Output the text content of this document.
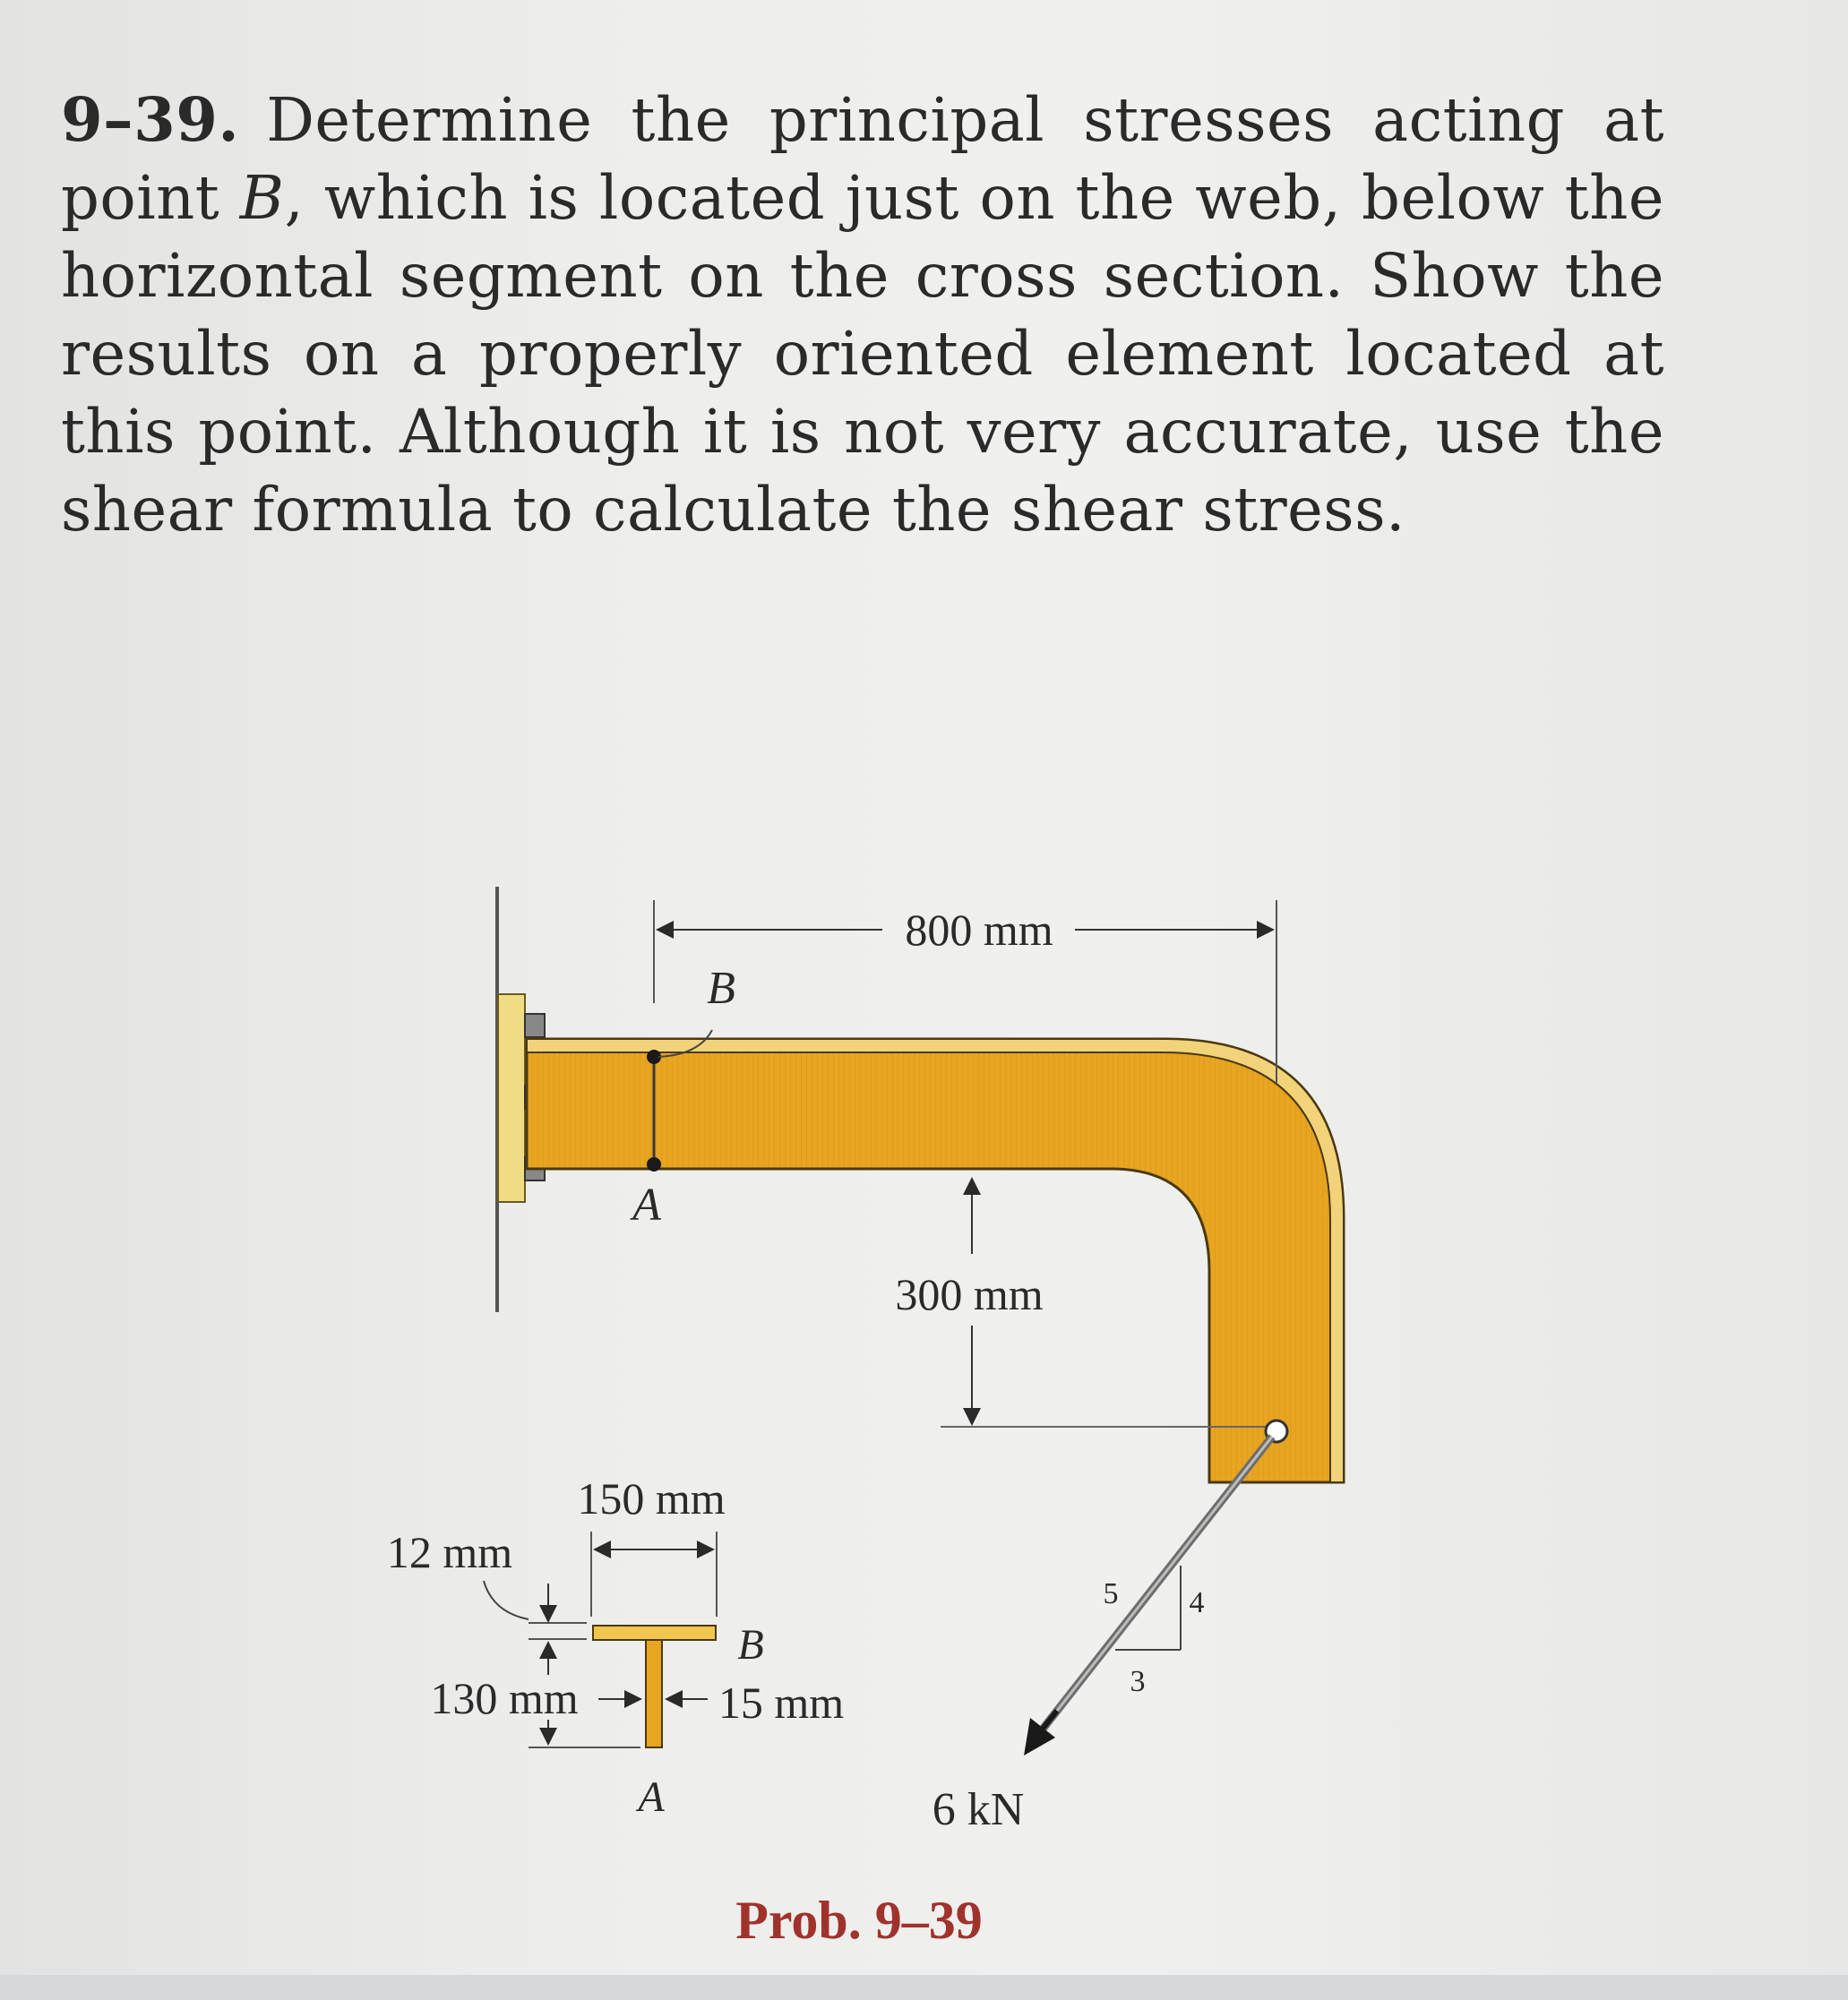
9–39. Determine the principal stresses acting at point B, which is located just on the web, below the horizontal segment on the cross section. Show the results on a properly oriented element located at this point. Although it is not very accurate, use the shear formula to calculate the shear stress.
800 mm
B
A
300 mm
6 kN
5 4
3
B
A
150 mm
12 mm
130 mm	15 mm
Prob. 9–39
